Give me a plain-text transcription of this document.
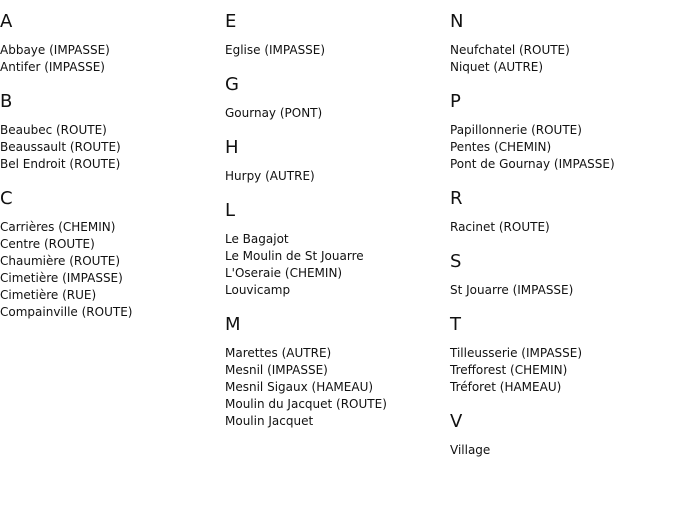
A
Abbaye (IMPASSE)
Antifer (IMPASSE)
B
Beaubec (ROUTE)
Beaussault (ROUTE)
Bel Endroit (ROUTE)
C
Carrières (CHEMIN)
Centre (ROUTE)
Chaumière (ROUTE)
Cimetière (IMPASSE)
Cimetière (RUE)
Compainville (ROUTE)
E
Eglise (IMPASSE)
G
Gournay (PONT)
H
Hurpy (AUTRE)
L
Le Bagajot
Le Moulin de St Jouarre
L'Oseraie (CHEMIN)
Louvicamp
M
Marettes (AUTRE)
Mesnil (IMPASSE)
Mesnil Sigaux (HAMEAU)
Moulin du Jacquet (ROUTE)
Moulin Jacquet
N
Neufchatel (ROUTE)
Niquet (AUTRE)
P
Papillonnerie (ROUTE)
Pentes (CHEMIN)
Pont de Gournay (IMPASSE)
R
Racinet (ROUTE)
S
St Jouarre (IMPASSE)
T
Tilleusserie (IMPASSE)
Trefforest (CHEMIN)
Tréforet (HAMEAU)
V
Village
